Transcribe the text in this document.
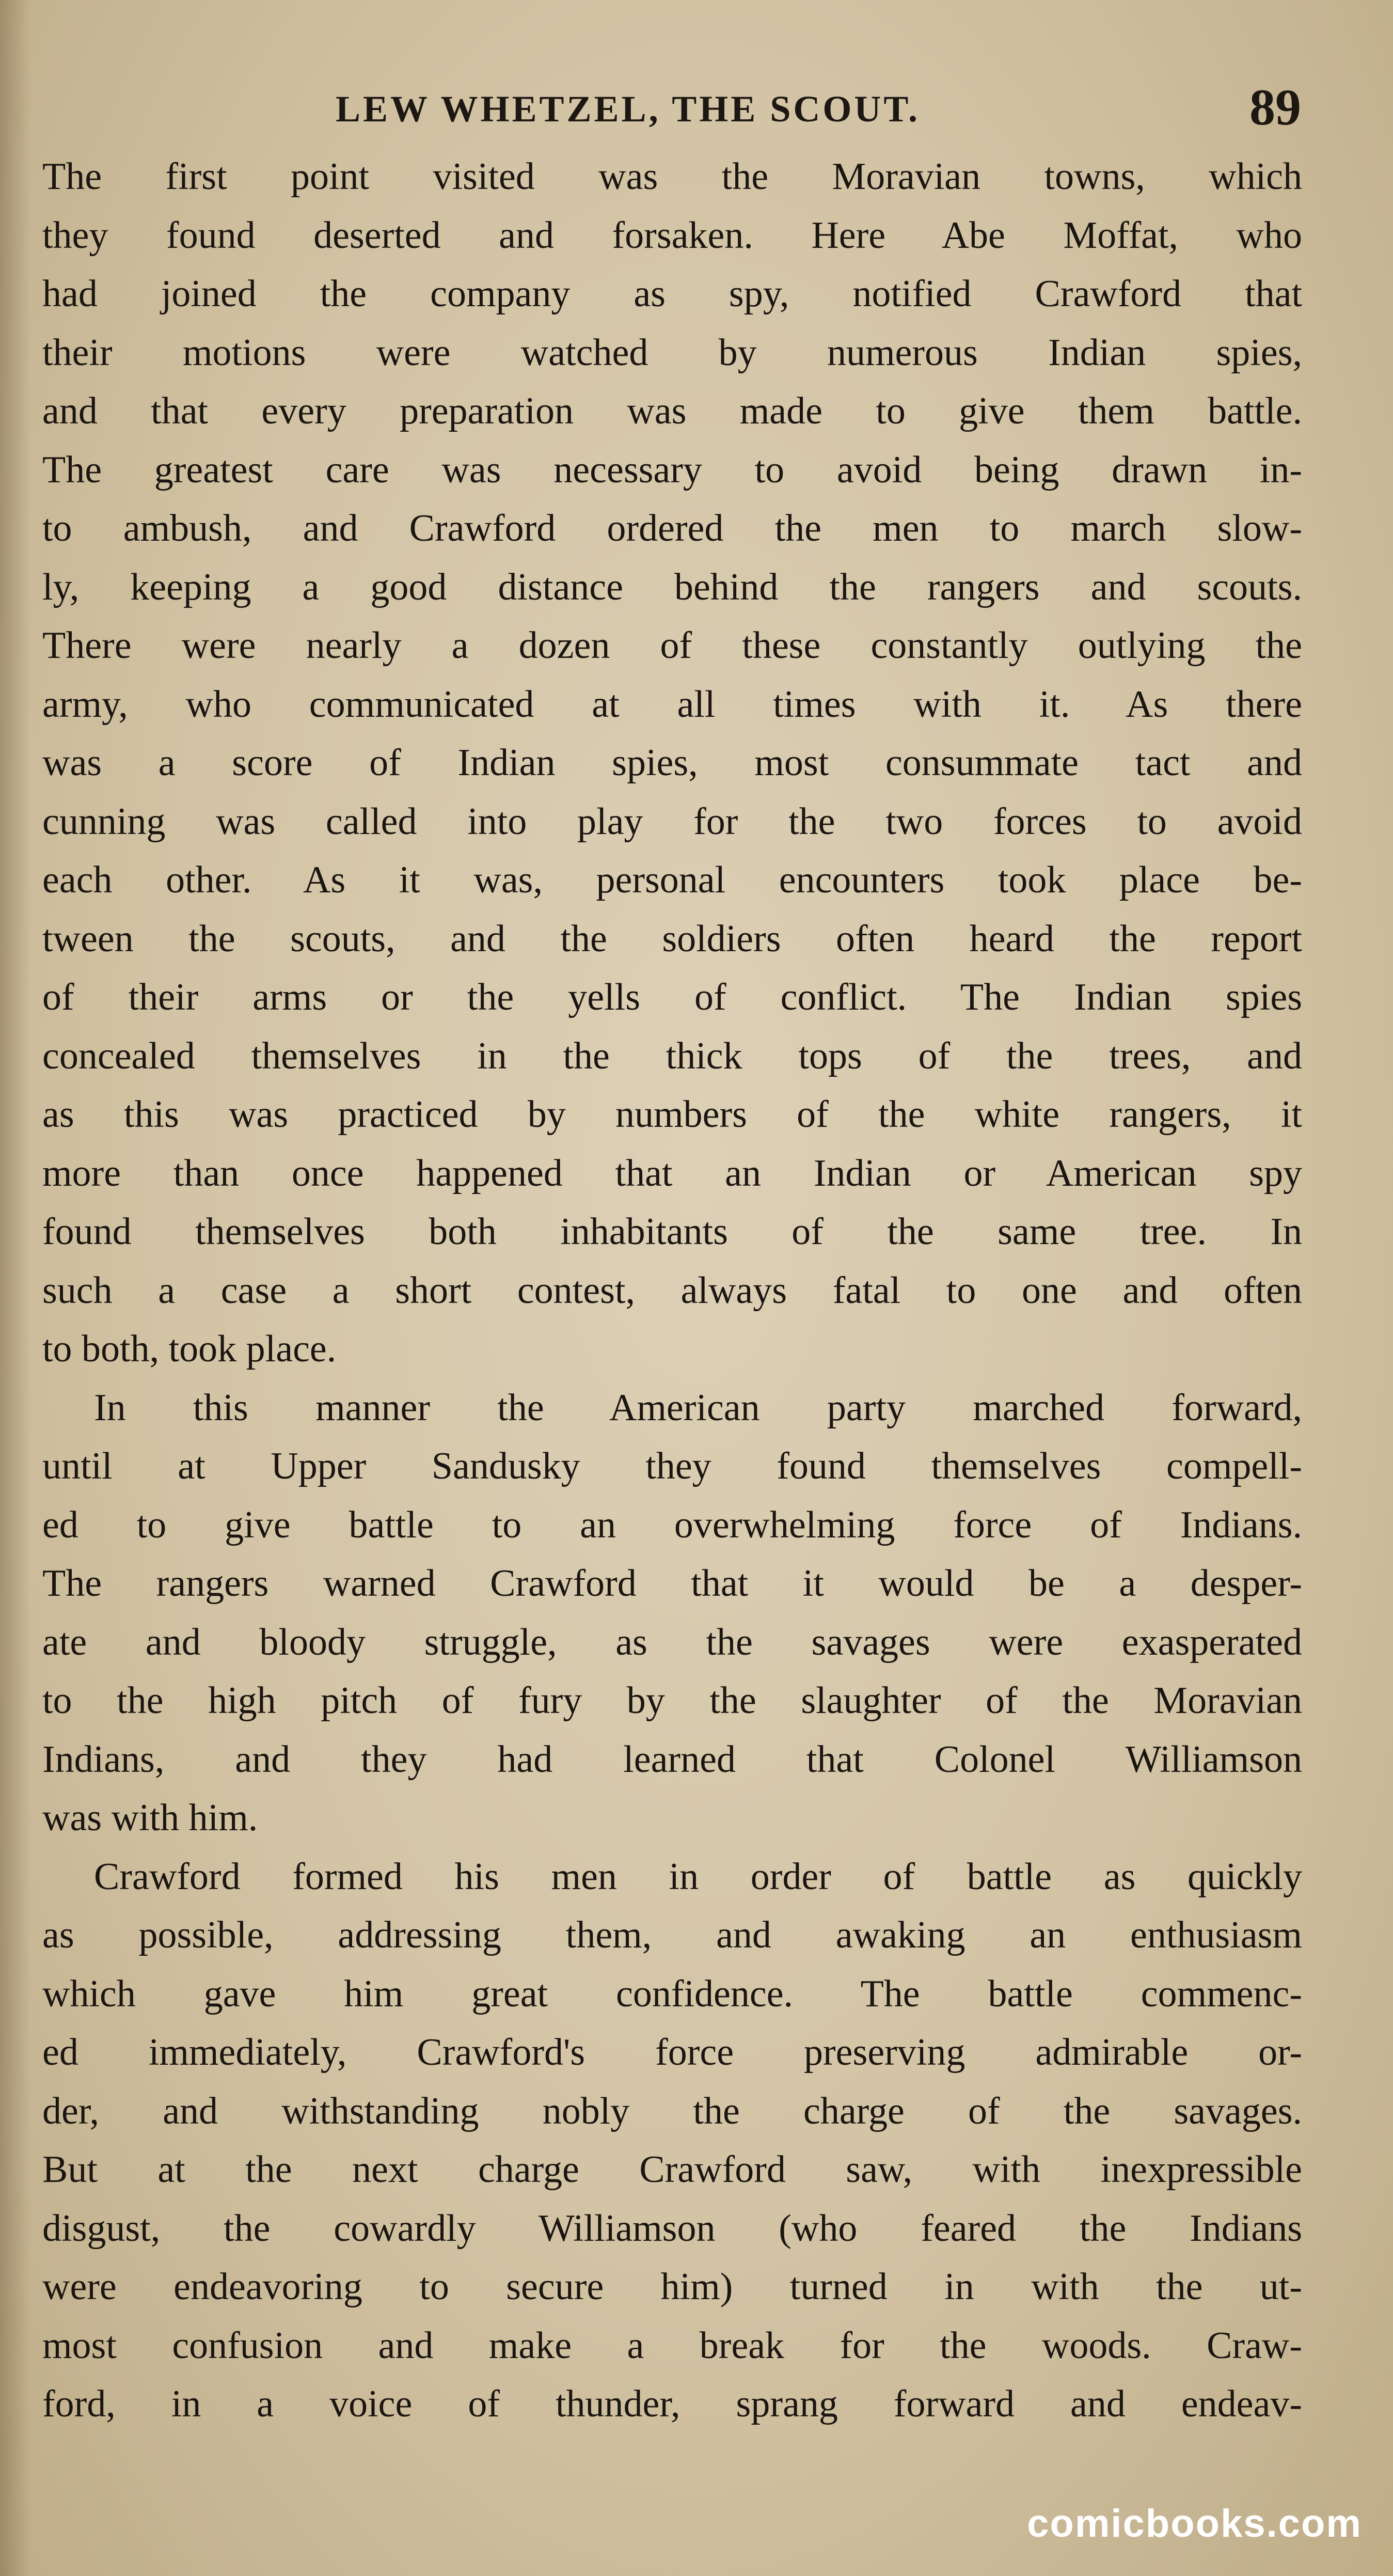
LEW WHETZEL, THE SCOUT.	89
The first point visited was the Moravian towns, which
they found deserted and forsaken. Here Abe Moffat, who
had joined the company as spy, notified Crawford that
their motions were watched by numerous Indian spies,
and that every preparation was made to give them battle.
The greatest care was necessary to avoid being drawn in-
to ambush, and Crawford ordered the men to march slow-
ly, keeping a good distance behind the rangers and scouts.
There were nearly a dozen of these constantly outlying the
army, who communicated at all times with it. As there
was a score of Indian spies, most consummate tact and
cunning was called into play for the two forces to avoid
each other. As it was, personal encounters took place be-
tween the scouts, and the soldiers often heard the report
of their arms or the yells of conflict. The Indian spies
concealed themselves in the thick tops of the trees, and
as this was practiced by numbers of the white rangers, it
more than once happened that an Indian or American spy
found themselves both inhabitants of the same tree. In
such a case a short contest, always fatal to one and often
to both, took place.
In this manner the American party marched forward,
until at Upper Sandusky they found themselves compell-
ed to give battle to an overwhelming force of Indians.
The rangers warned Crawford that it would be a desper-
ate and bloody struggle, as the savages were exasperated
to the high pitch of fury by the slaughter of the Moravian
Indians, and they had learned that Colonel Williamson
was with him.
Crawford formed his men in order of battle as quickly
as possible, addressing them, and awaking an enthusiasm
which gave him great confidence. The battle commenc-
ed immediately, Crawford's force preserving admirable or-
der, and withstanding nobly the charge of the savages.
But at the next charge Crawford saw, with inexpressible
disgust, the cowardly Williamson (who feared the Indians
were endeavoring to secure him) turned in with the ut-
most confusion and make a break for the woods. Craw-
ford, in a voice of thunder, sprang forward and endeav-
comicbooks.com
